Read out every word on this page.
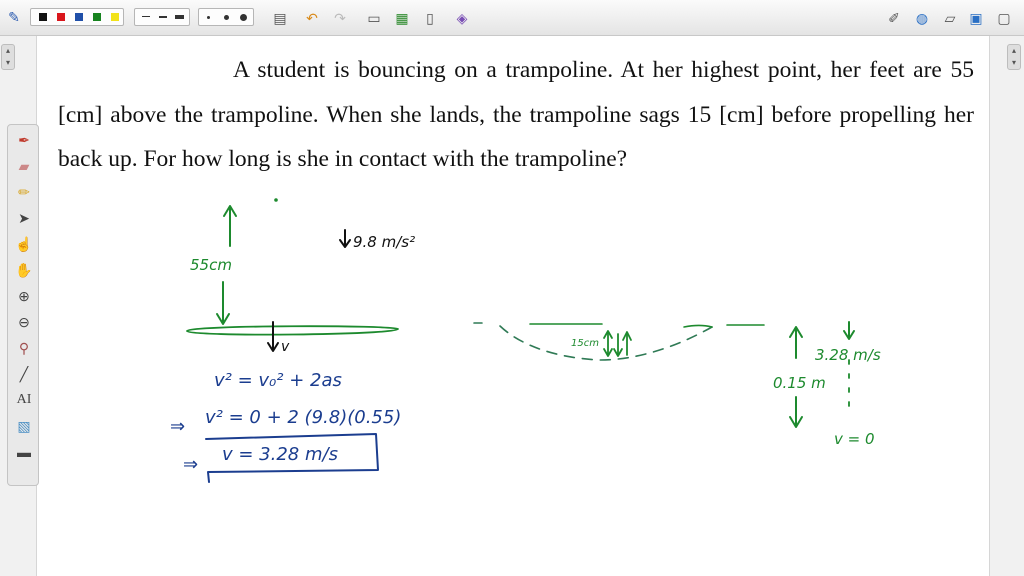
✎	▤ ↶ ↷ ▭ ▦	▯	◈	✐ ◍	▱ ▣ ▢
▴
▾
▴
▾
✒
▰
✏
➤
☝
✋
⊕
⊖
⚲
╱
AI
▧
▬

A student is bouncing on a trampoline. At her highest point, her feet are 55 [cm] above the trampoline. When she lands, the trampoline sags 15 [cm] before propelling her back up. For how long is she in contact with the trampoline?

55cm
9.8 m/s²
v
v² = v₀² + 2as
⇒ v² = 0 + 2 (9.8)(0.55)
⇒ v = 3.28 m/s
15cm
3.28 m/s
0.15 m
v = 0
